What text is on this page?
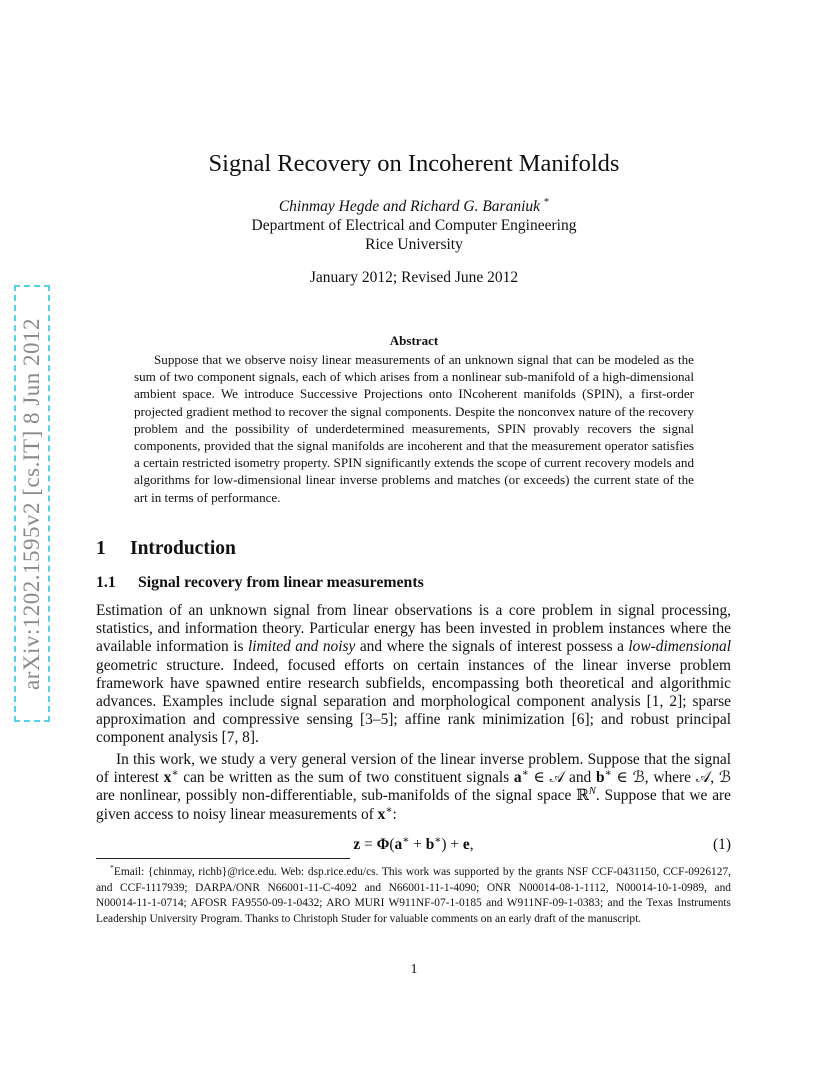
arXiv:1202.1595v2 [cs.IT] 8 Jun 2012
Signal Recovery on Incoherent Manifolds
Chinmay Hegde and Richard G. Baraniuk *
Department of Electrical and Computer Engineering
Rice University
January 2012; Revised June 2012
Abstract
Suppose that we observe noisy linear measurements of an unknown signal that can be modeled as the sum of two component signals, each of which arises from a nonlinear sub-manifold of a high-dimensional ambient space. We introduce Successive Projections onto INcoherent manifolds (SPIN), a first-order projected gradient method to recover the signal components. Despite the nonconvex nature of the recovery problem and the possibility of underdetermined measurements, SPIN provably recovers the signal components, provided that the signal manifolds are incoherent and that the measurement operator satisfies a certain restricted isometry property. SPIN significantly extends the scope of current recovery models and algorithms for low-dimensional linear inverse problems and matches (or exceeds) the current state of the art in terms of performance.
1 Introduction
1.1 Signal recovery from linear measurements
Estimation of an unknown signal from linear observations is a core problem in signal processing, statistics, and information theory. Particular energy has been invested in problem instances where the available information is limited and noisy and where the signals of interest possess a low-dimensional geometric structure. Indeed, focused efforts on certain instances of the linear inverse problem framework have spawned entire research subfields, encompassing both theoretical and algorithmic advances. Examples include signal separation and morphological component analysis [1, 2]; sparse approximation and compressive sensing [3–5]; affine rank minimization [6]; and robust principal component analysis [7, 8].
In this work, we study a very general version of the linear inverse problem. Suppose that the signal of interest x∗ can be written as the sum of two constituent signals a∗ ∈ 𝒜 and b∗ ∈ ℬ, where 𝒜, ℬ are nonlinear, possibly non-differentiable, sub-manifolds of the signal space ℝ$^N$. Suppose that we are given access to noisy linear measurements of x∗:
z = Φ(a∗ + b∗) + e,	(1)
*Email: {chinmay, richb}@rice.edu. Web: dsp.rice.edu/cs. This work was supported by the grants NSF CCF-0431150, CCF-0926127, and CCF-1117939; DARPA/ONR N66001-11-C-4092 and N66001-11-1-4090; ONR N00014-08-1-1112, N00014-10-1-0989, and N00014-11-1-0714; AFOSR FA9550-09-1-0432; ARO MURI W911NF-07-1-0185 and W911NF-09-1-0383; and the Texas Instruments Leadership University Program. Thanks to Christoph Studer for valuable comments on an early draft of the manuscript.
1
